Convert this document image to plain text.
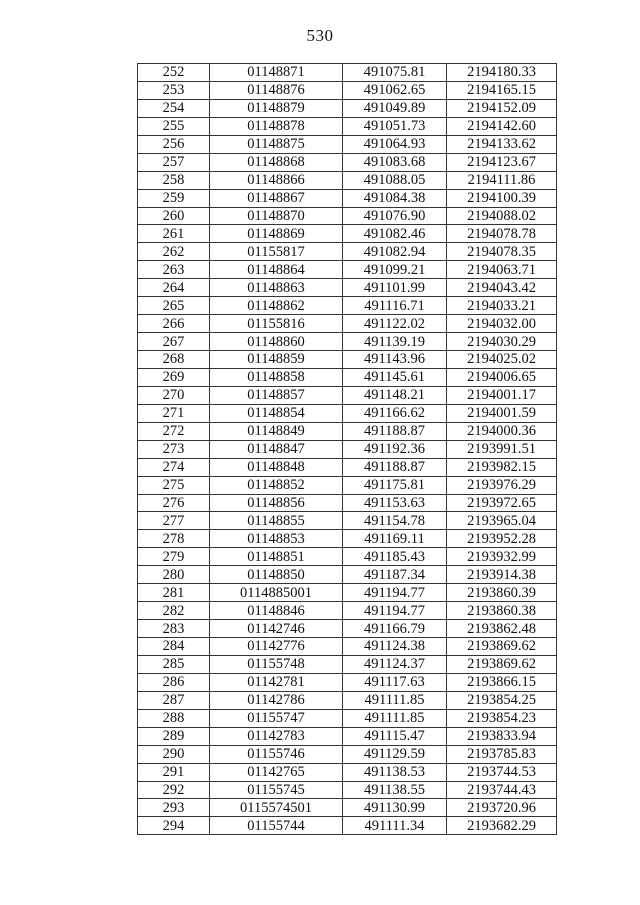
530
252	01148871	491075.81	2194180.33
253	01148876	491062.65	2194165.15
254	01148879	491049.89	2194152.09
255	01148878	491051.73	2194142.60
256	01148875	491064.93	2194133.62
257	01148868	491083.68	2194123.67
258	01148866	491088.05	2194111.86
259	01148867	491084.38	2194100.39
260	01148870	491076.90	2194088.02
261	01148869	491082.46	2194078.78
262	01155817	491082.94	2194078.35
263	01148864	491099.21	2194063.71
264	01148863	491101.99	2194043.42
265	01148862	491116.71	2194033.21
266	01155816	491122.02	2194032.00
267	01148860	491139.19	2194030.29
268	01148859	491143.96	2194025.02
269	01148858	491145.61	2194006.65
270	01148857	491148.21	2194001.17
271	01148854	491166.62	2194001.59
272	01148849	491188.87	2194000.36
273	01148847	491192.36	2193991.51
274	01148848	491188.87	2193982.15
275	01148852	491175.81	2193976.29
276	01148856	491153.63	2193972.65
277	01148855	491154.78	2193965.04
278	01148853	491169.11	2193952.28
279	01148851	491185.43	2193932.99
280	01148850	491187.34	2193914.38
281	0114885001	491194.77	2193860.39
282	01148846	491194.77	2193860.38
283	01142746	491166.79	2193862.48
284	01142776	491124.38	2193869.62
285	01155748	491124.37	2193869.62
286	01142781	491117.63	2193866.15
287	01142786	491111.85	2193854.25
288	01155747	491111.85	2193854.23
289	01142783	491115.47	2193833.94
290	01155746	491129.59	2193785.83
291	01142765	491138.53	2193744.53
292	01155745	491138.55	2193744.43
293	0115574501	491130.99	2193720.96
294	01155744	491111.34	2193682.29
